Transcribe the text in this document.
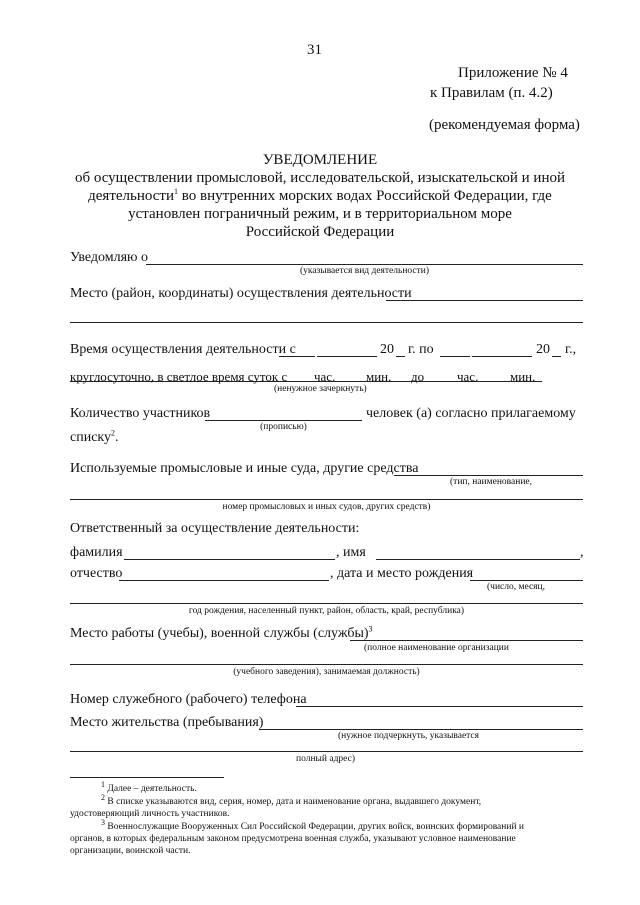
31
Приложение № 4
к Правилам (п. 4.2)
(рекомендуемая форма)
УВЕДОМЛЕНИЕ
об осуществлении промысловой, исследовательской, изыскательской и иной
деятельности$^1$ во внутренних морских водах Российской Федерации, где
установлен пограничный режим, и в территориальном море
Российской Федерации
Уведомляю о
(указывается вид деятельности)
Место (район, координаты) осуществления деятельности
Время осуществления деятельности с	20 г. по	20 г.,
круглосуточно, в светлое время суток с час. мин. до	час. мин.
(ненужное зачеркнуть)
Количество участников	человек (а) согласно прилагаемому
(прописью)
списку$^2$.
Используемые промысловые и иные суда, другие средства
(тип, наименование,
номер промысловых и иных судов, других средств)
Ответственный за осуществление деятельности:
фамилия	, имя	,
отчество	, дата и место рождения
(число, месяц,
год рождения, населенный пункт, район, область, край, республика)
Место работы (учебы), военной службы (службы)$^3$
(полное наименование организации
(учебного заведения), занимаемая должность)
Номер служебного (рабочего) телефона
Место жительства (пребывания)
(нужное подчеркнуть, указывается
полный адрес)
$^1$ Далее – деятельность.
$^2$ В списке указываются вид, серия, номер, дата и наименование органа, выдавшего документ,
удостоверяющий личность участников.
$^3$ Военнослужащие Вооруженных Сил Российской Федерации, других войск, воинских формирований и
органов, в которых федеральным законом предусмотрена военная служба, указывают условное наименование
организации, воинской части.
